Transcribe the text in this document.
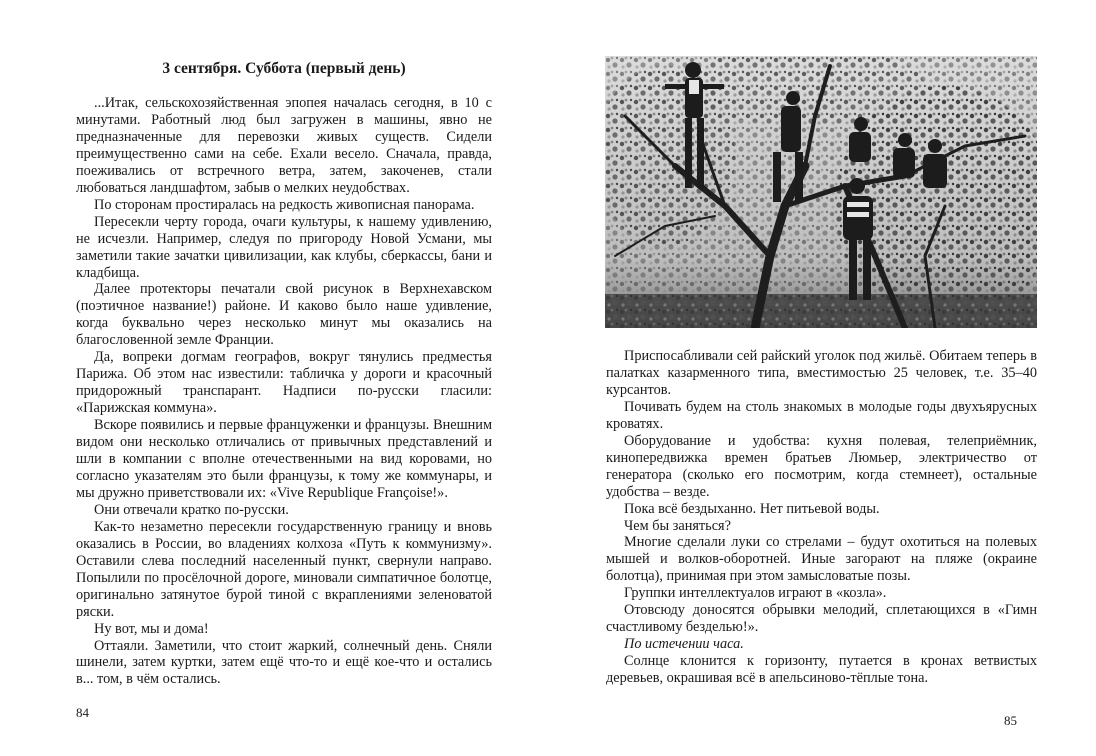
3 сентября. Суббота (первый день)

...Итак, сельскохозяйственная эпопея началась сегодня, в 10 с минутами. Работный люд был загружен в машины, явно не предназначенные для перевозки живых существ. Сидели преимущественно сами на себе. Ехали весело. Сначала, правда, поеживались от встречного ветра, затем, закоченев, стали любоваться ландшафтом, забыв о мелких неудобствах.

По сторонам простиралась на редкость живописная панорама.

Пересекли черту города, очаги культуры, к нашему удивлению, не исчезли. Например, следуя по пригороду Новой Усмани, мы заметили такие зачатки цивилизации, как клубы, сберкассы, бани и кладбища.

Далее протекторы печатали свой рисунок в Верхнехавском (поэтичное название!) районе. И каково было наше удивление, когда буквально через несколько минут мы оказались на благословенной земле Франции.

Да, вопреки догмам географов, вокруг тянулись предместья Парижа. Об этом нас известили: табличка у дороги и красочный придорожный транспарант. Надписи по-русски гласили: «Парижская коммуна».

Вскоре появились и первые француженки и французы. Внешним видом они несколько отличались от привычных представлений и шли в компании с вполне отечественными на вид коровами, но согласно указателям это были французы, к тому же коммунары, и мы дружно приветствовали их: «Vive Republique Françoise!».

Они отвечали кратко по-русски.

Как-то незаметно пересекли государственную границу и вновь оказались в России, во владениях колхоза «Путь к коммунизму». Оставили слева последний населенный пункт, свернули направо. Попылили по просёлочной дороге, миновали симпатичное болотце, оригинально затянутое бурой тиной с вкраплениями зеленоватой ряски.

Ну вот, мы и дома!

Оттаяли. Заметили, что стоит жаркий, солнечный день. Сняли шинели, затем куртки, затем ещё что-то и ещё кое-что и остались в... том, в чём остались.

84

Приспосабливали сей райский уголок под жильё. Обитаем теперь в палатках казарменного типа, вместимостью 25 человек, т.е. 35–40 курсантов.

Почивать будем на столь знакомых в молодые годы двухъярусных кроватях.

Оборудование и удобства: кухня полевая, телеприёмник, кинопередвижка времен братьев Люмьер, электричество от генератора (сколько его посмотрим, когда стемнеет), остальные удобства – везде.

Пока всё бездыханно. Нет питьевой воды.

Чем бы заняться?

Многие сделали луки со стрелами – будут охотиться на полевых мышей и волков-оборотней. Иные загорают на пляже (окраине болотца), принимая при этом замысловатые позы.

Группки интеллектуалов играют в «козла».

Отовсюду доносятся обрывки мелодий, сплетающихся в «Гимн счастливому безделью!».

По истечении часа.

Солнце клонится к горизонту, путается в кронах ветвистых деревьев, окрашивая всё в апельсиново-тёплые тона.

85
